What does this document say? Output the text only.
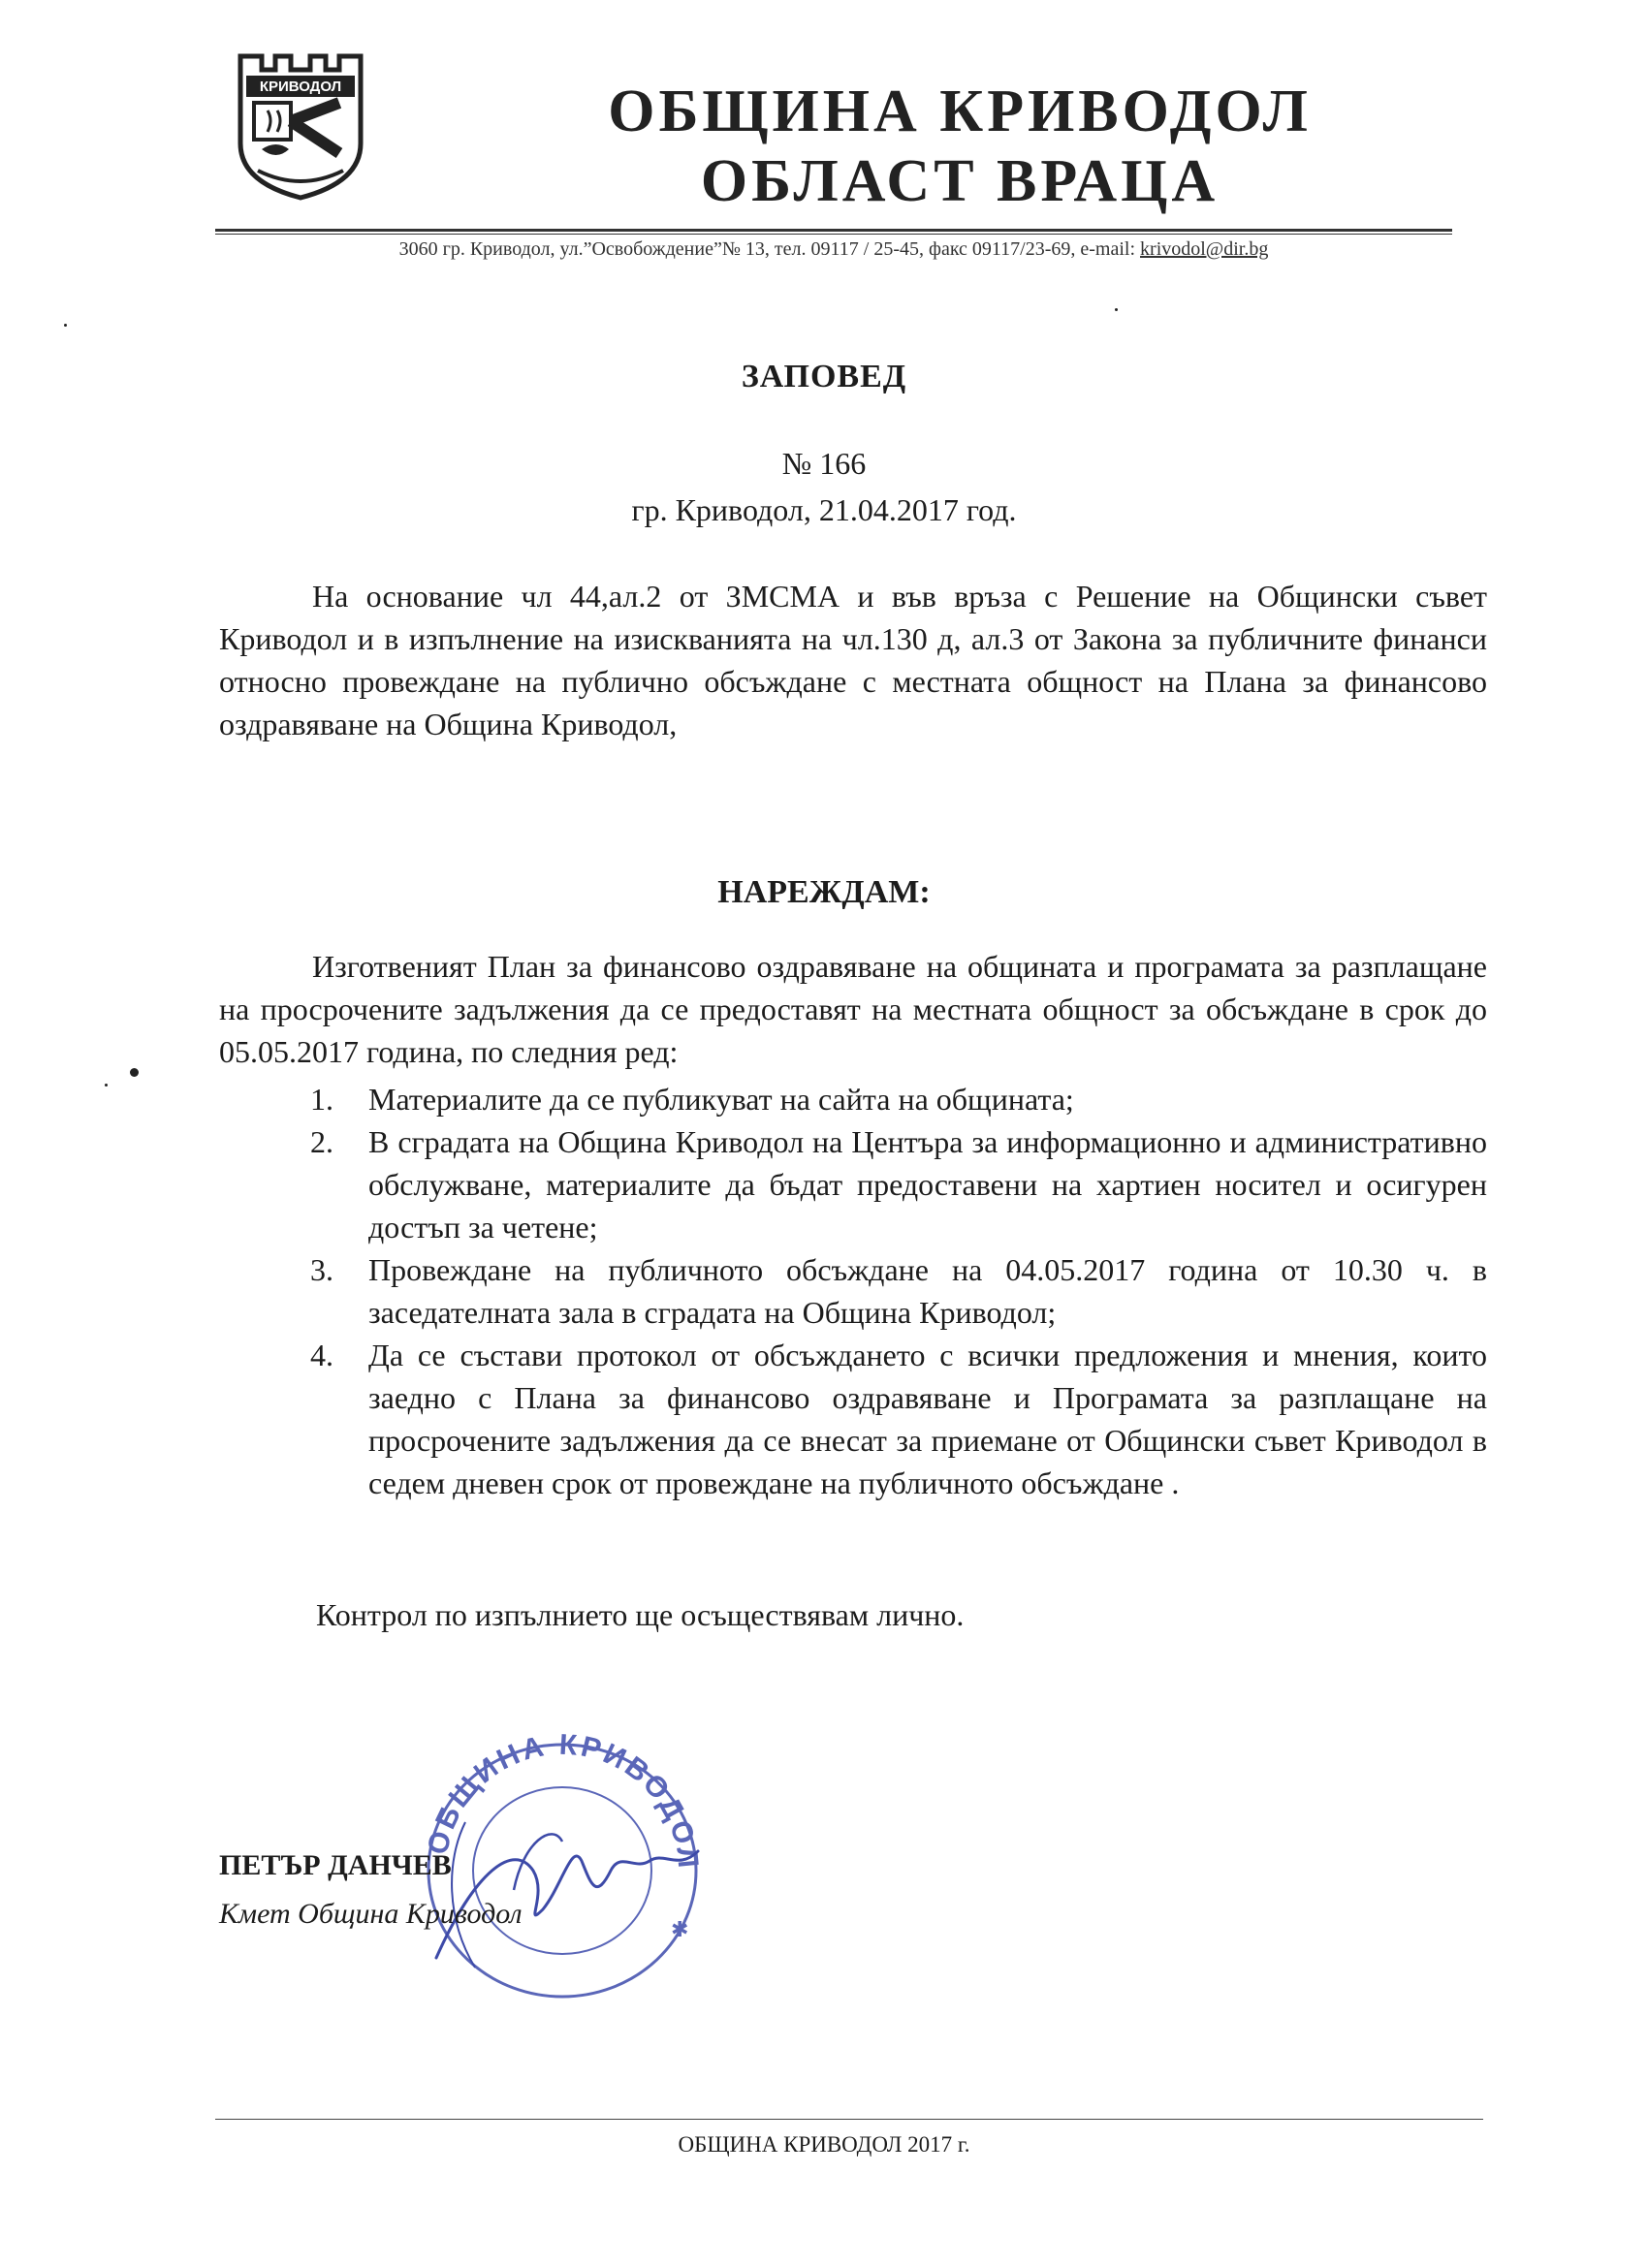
КРИВОДОЛ	ОБЩИНА КРИВОДОЛ
ОБЛАСТ ВРАЦА
3060 гр. Криводол, ул.”Освобождение”№ 13, тел. 09117 / 25-45, факс 09117/23-69, e-mail: krivodol@dir.bg
ЗАПОВЕД
№ 166
гр. Криводол, 21.04.2017 год.
На основание чл 44,ал.2 от ЗМСМА и във връза с Решение на Общински съвет Криводол и в изпълнение на изискванията на чл.130 д, ал.3 от Закона за публичните финанси относно провеждане на публично обсъждане с местната общност на Плана за финансово оздравяване на Община Криводол,
НАРЕЖДАМ:
Изготвеният План за финансово оздравяване на общината и програмата за разплащане на просрочените задължения да се предоставят на местната общност за обсъждане в срок до 05.05.2017 година, по следния ред:
1. Материалите да се публикуват на сайта на общината;
2. В сградата на Община Криводол на Центъра за информационно и административно обслужване, материалите да бъдат предоставени на хартиен носител и осигурен достъп за четене;
3. Провеждане на публичното обсъждане на 04.05.2017 година от 10.30 ч. в заседателната зала в сградата на Община Криводол;
4. Да се състави протокол от обсъждането с всички предложения и мнения, които заедно с Плана за финансово оздравяване и Програмата за разплащане на просрочените задължения да се внесат за приемане от Общински съвет Криводол в седем дневен срок от провеждане на публичното обсъждане .
Контрол по изпълниeто ще осъществявам лично.
ОБЩИНА КРИВОДОЛ
✱
ПЕТЪР ДАНЧЕВ
Кмет Община Криводол
ОБЩИНА КРИВОДОЛ 2017 г.
